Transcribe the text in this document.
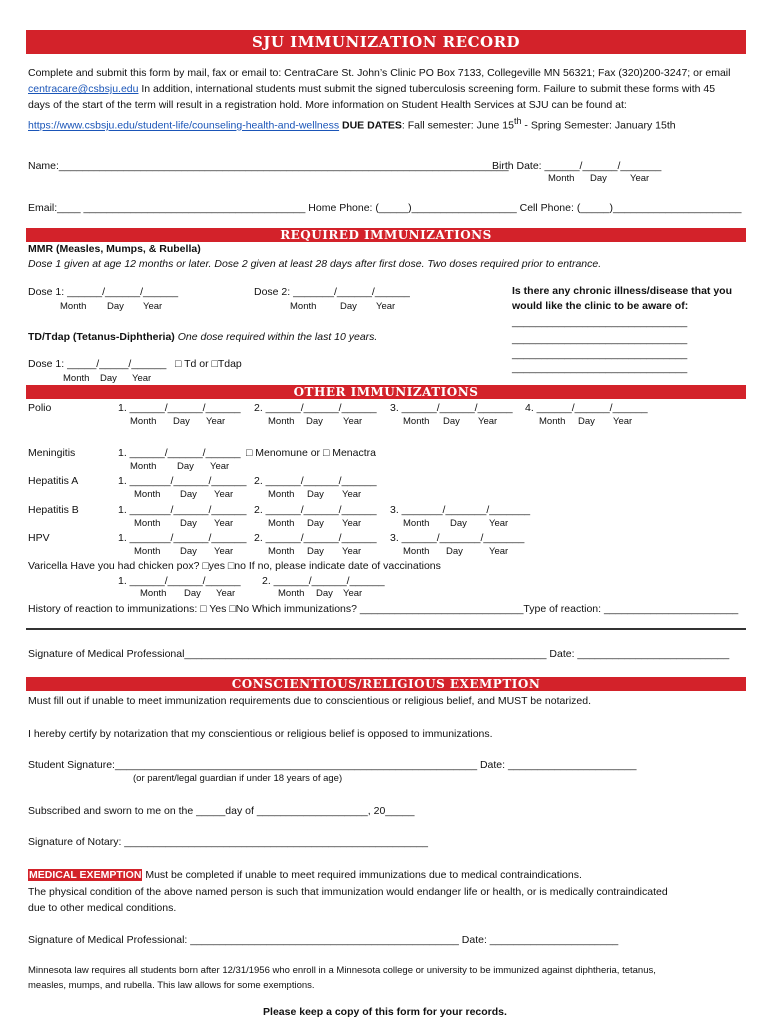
SJU IMMUNIZATION RECORD
Complete and submit this form by mail, fax or email to: CentraCare St. John’s Clinic PO Box 7133, Collegeville MN 56321; Fax (320)200-3247; or email centracare@csbsju.edu In addition, international students must submit the signed tuberculosis screening form. Failure to submit these forms with 45 days of the start of the term will result in a registration hold. More information on Student Health Services at SJU can be found at: https://www.csbsju.edu/student-life/counseling-health-and-wellness DUE DATES: Fall semester: June 15th - Spring Semester: January 15th
Name:_____________________________________________________________________________
Birth Date: ______/______/_______
Month Day Year
Email:____ ______________________________________ Home Phone: (_____)__________________ Cell Phone: (_____)______________________
REQUIRED IMMUNIZATIONS
MMR (Measles, Mumps, & Rubella)
Dose 1 given at age 12 months or later. Dose 2 given at least 28 days after first dose. Two doses required prior to entrance.
Dose 1: ______/______/______
Month Day Year
Dose 2: _______/______/______
Month Day Year
Is there any chronic illness/disease that you
would like the clinic to be aware of:
______________________________
______________________________
______________________________
______________________________
TD/Tdap (Tetanus-Diphtheria) One dose required within the last 10 years.
Dose 1: _____/_____/______ □ Td or □Tdap
Month Day Year
OTHER IMMUNIZATIONS
Polio	1. ______/______/______ 2. ______/______/______ 3. ______/______/______ 4. ______/______/______
Month Day Year	Month Day Year	Month Day Year	Month Day Year
Meningitis	1. ______/______/______ □ Menomune or □ Menactra
Month Day Year
Hepatitis A	1. _______/______/______ 2. ______/______/______
Month Day Year	Month Day Year
Hepatitis B	1. _______/______/______ 2. ______/______/______ 3. _______/_______/_______
Month Day Year	Month Day Year	Month Day Year
HPV	1. _______/______/______ 2. ______/______/______ 3. ______/_______/_______
Month Day Year	Month Day Year	Month Day	Year
Varicella Have you had chicken pox? □yes □no If no, please indicate date of vaccinations
1. ______/______/______ 2. ______/______/______
Month Day Year	Month Day Year
History of reaction to immunizations: □ Yes □No Which immunizations? ____________________________Type of reaction: _______________________
Signature of Medical Professional______________________________________________________________ Date: __________________________
CONSCIENTIOUS/RELIGIOUS EXEMPTION
Must fill out if unable to meet immunization requirements due to conscientious or religious belief, and MUST be notarized.
I hereby certify by notarization that my conscientious or religious belief is opposed to immunizations.
Student Signature:______________________________________________________________ Date: ______________________
(or parent/legal guardian if under 18 years of age)
Subscribed and sworn to me on the _____day of ___________________, 20_____
Signature of Notary: ____________________________________________________
MEDICAL EXEMPTION Must be completed if unable to meet required immunizations due to medical contraindications.
The physical condition of the above named person is such that immunization would endanger life or health, or is medically contraindicated
due to other medical conditions.
Signature of Medical Professional: ______________________________________________ Date: ______________________
Minnesota law requires all students born after 12/31/1956 who enroll in a Minnesota college or university to be immunized against diphtheria, tetanus,
measles, mumps, and rubella. This law allows for some exemptions.
Please keep a copy of this form for your records.
